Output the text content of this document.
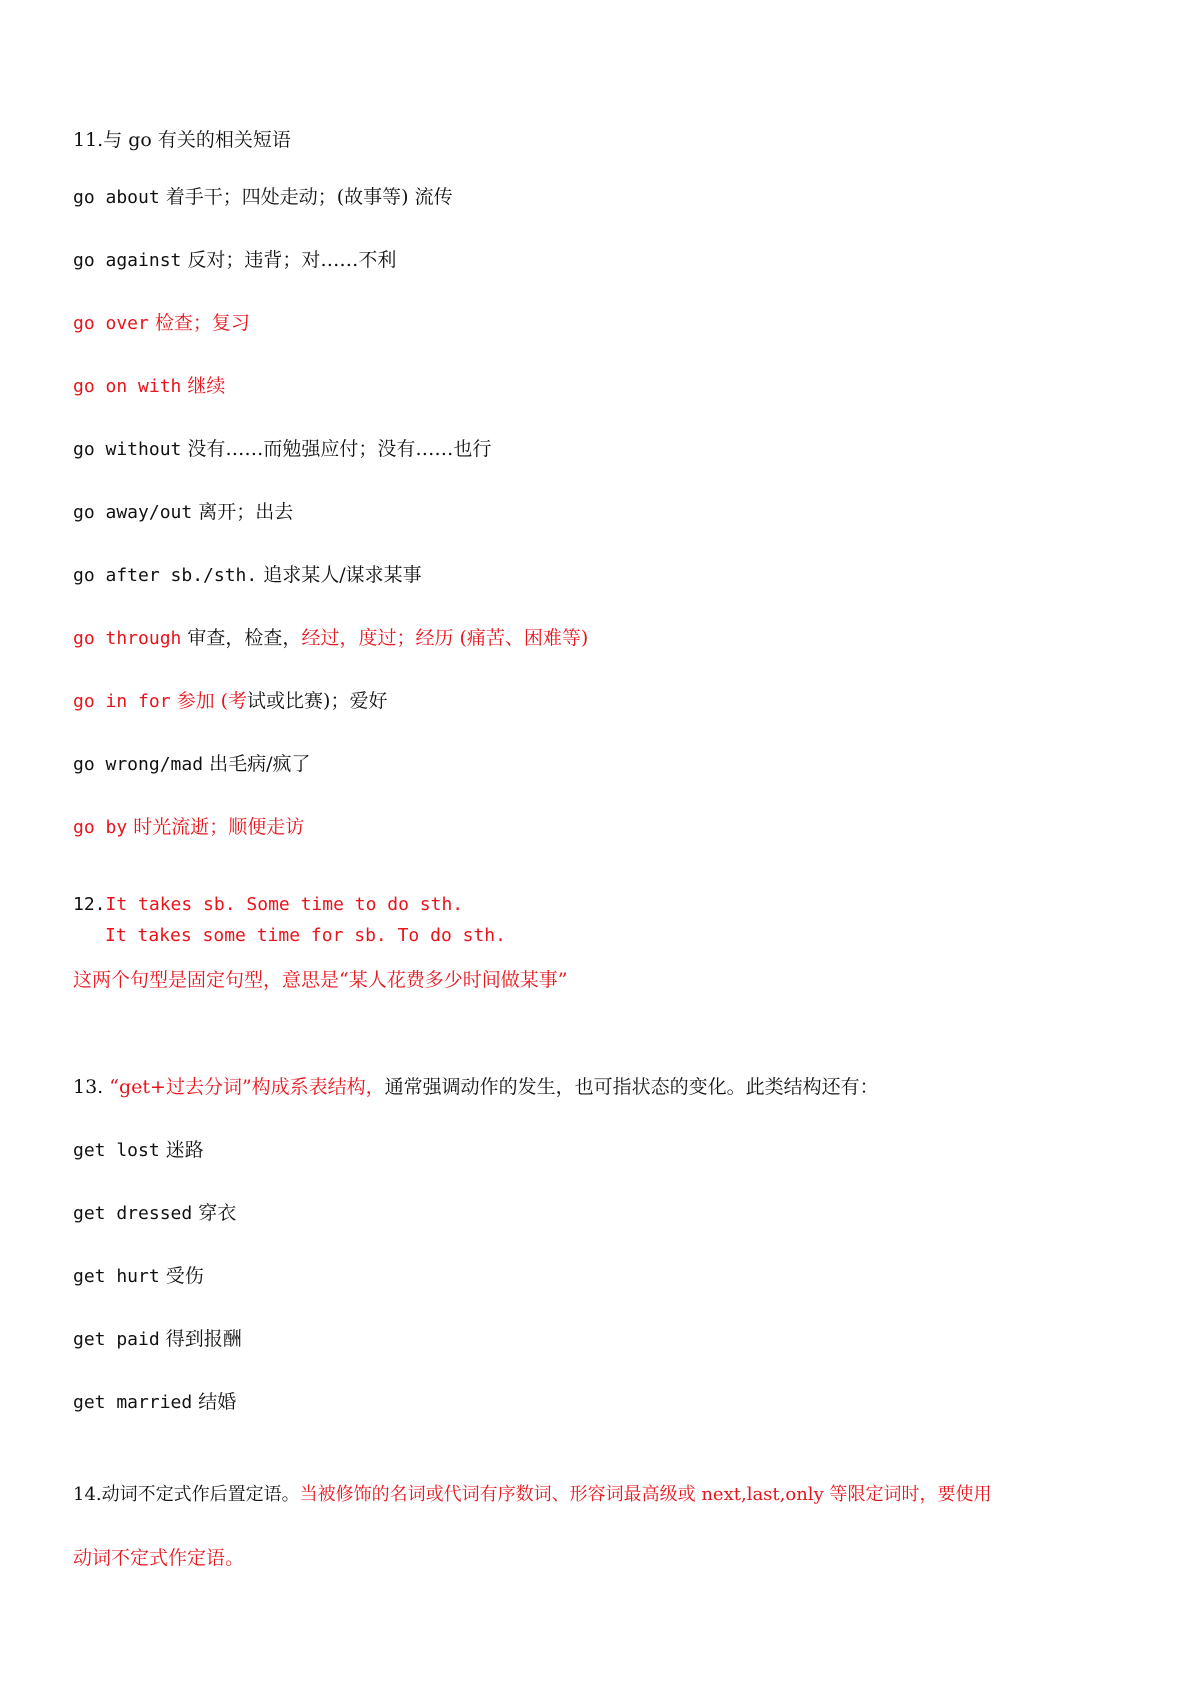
11.与 go 有关的相关短语
go about 着手干；四处走动；(故事等) 流传
go against 反对；违背；对……不利
go over 检查；复习
go on with 继续
go without 没有……而勉强应付；没有……也行
go away/out 离开；出去
go after sb./sth. 追求某人/谋求某事
go through 审查，检查，经过，度过；经历 (痛苦、困难等)
go in for 参加 (考试或比赛)；爱好
go wrong/mad 出毛病/疯了
go by 时光流逝；顺便走访
12.It takes sb. Some time to do sth.
It takes some time for sb. To do sth.
这两个句型是固定句型，意思是“某人花费多少时间做某事”
13. “get+过去分词”构成系表结构，通常强调动作的发生，也可指状态的变化。此类结构还有：
get lost 迷路
get dressed 穿衣
get hurt 受伤
get paid 得到报酬
get married 结婚
14.动词不定式作后置定语。当被修饰的名词或代词有序数词、形容词最高级或 next,last,only 等限定词时，要使用
动词不定式作定语。
